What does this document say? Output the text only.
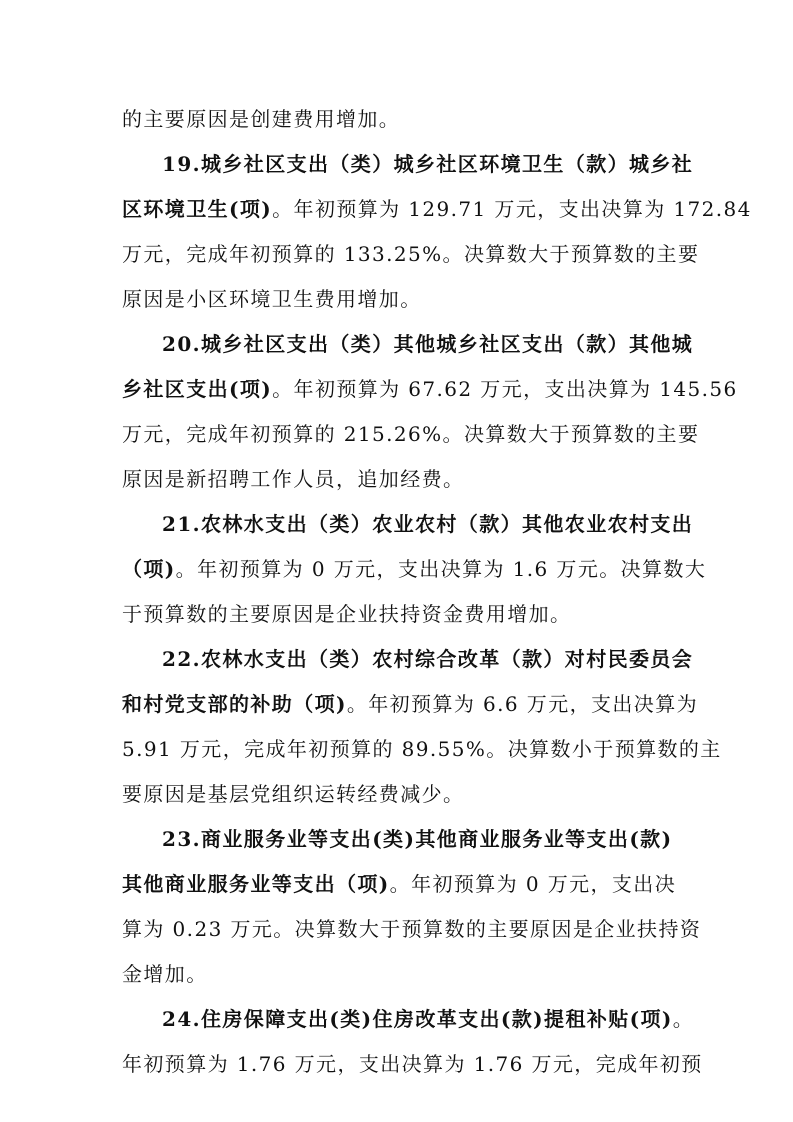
的主要原因是创建费用增加。
19.城乡社区支出（类）城乡社区环境卫生（款）城乡社
区环境卫生(项)。年初预算为 129.71 万元，支出决算为 172.84
万元，完成年初预算的 133.25%。决算数大于预算数的主要
原因是小区环境卫生费用增加。
20.城乡社区支出（类）其他城乡社区支出（款）其他城
乡社区支出(项)。年初预算为 67.62 万元，支出决算为 145.56
万元，完成年初预算的 215.26%。决算数大于预算数的主要
原因是新招聘工作人员，追加经费。
21.农林水支出（类）农业农村（款）其他农业农村支出
（项)。年初预算为 0 万元，支出决算为 1.6 万元。决算数大
于预算数的主要原因是企业扶持资金费用增加。
22.农林水支出（类）农村综合改革（款）对村民委员会
和村党支部的补助（项)。年初预算为 6.6 万元，支出决算为
5.91 万元，完成年初预算的 89.55%。决算数小于预算数的主
要原因是基层党组织运转经费减少。
23.商业服务业等支出(类)其他商业服务业等支出(款)
其他商业服务业等支出（项)。年初预算为 0 万元，支出决
算为 0.23 万元。决算数大于预算数的主要原因是企业扶持资
金增加。
24.住房保障支出(类)住房改革支出(款)提租补贴(项)。
年初预算为 1.76 万元，支出决算为 1.76 万元，完成年初预
